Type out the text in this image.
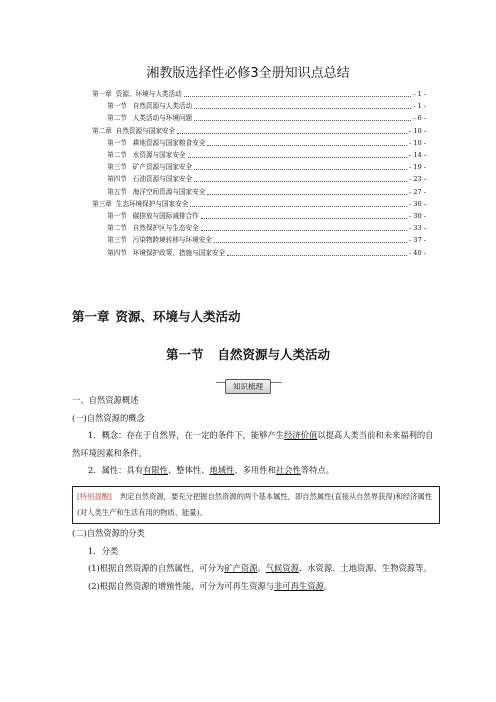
湘教版选择性必修3全册知识点总结
第一章 资源、环境与人类活动	- 1 -
第一节 自然资源与人类活动	- 1 -
第二节 人类活动与环境问题	- 6 -
第二章 自然资源与国家安全	- 10 -
第一节 耕地资源与国家粮食安全	- 10 -
第二节 水资源与国家安全	- 14 -
第三节 矿产资源与国家安全	- 19 -
第四节 石油资源与国家安全	- 23 -
第五节 海洋空间资源与国家安全	- 27 -
第三章 生态环境保护与国家安全	- 30 -
第一节 碳排放与国际减排合作	- 30 -
第二节 自然保护区与生态安全	- 33 -
第三节 污染物跨境转移与环境安全	- 37 -
第四节 环境保护政策、措施与国家安全	- 40 -
第一章 资源、环境与人类活动
第一节 自然资源与人类活动
知识梳理
一、自然资源概述
(一)自然资源的概念
1．概念：存在于自然界，在一定的条件下，能够产生经济价值以提高人类当前和未来福利的自然环境因素和条件。
2．属性：具有有限性、整体性、地域性、多用性和社会性等特点。
[特别提醒] 判定自然资源，要充分把握自然资源的两个基本属性，即自然属性(直接从自然界获得)和经济属性(对人类生产和生活有用的物质、能量)。
(二)自然资源的分类
1．分类
(1)根据自然资源的自然属性，可分为矿产资源、气候资源、水资源、土地资源、生物资源等。
(2)根据自然资源的增殖性能，可分为可再生资源与非可再生资源。
